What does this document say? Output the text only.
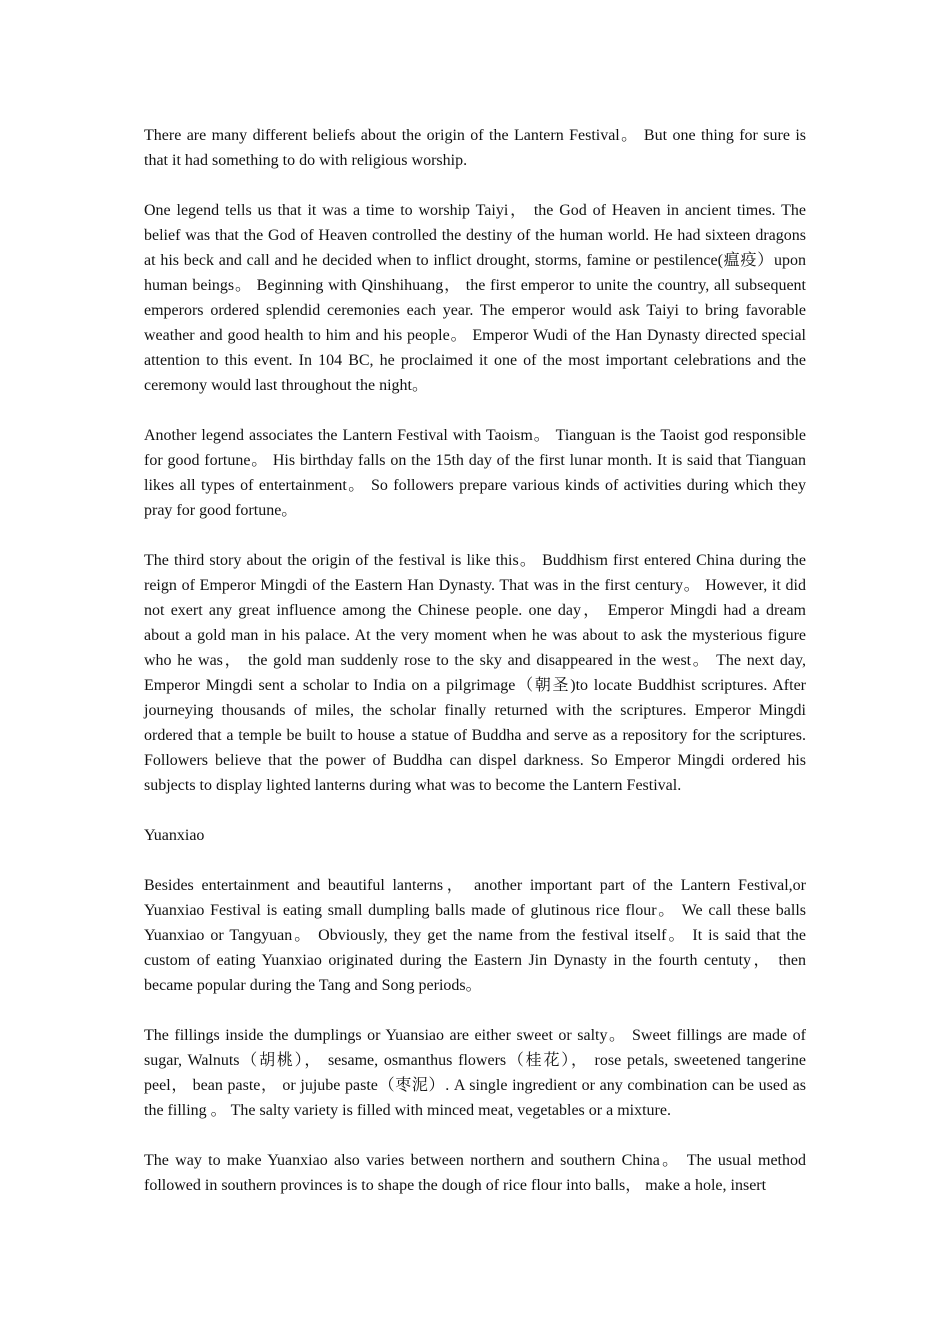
There are many different beliefs about the origin of the Lantern Festival。 But one thing for sure is that it had something to do with religious worship.

One legend tells us that it was a time to worship Taiyi， the God of Heaven in ancient times. The belief was that the God of Heaven controlled the destiny of the human world. He had sixteen dragons at his beck and call and he decided when to inflict drought, storms, famine or pestilence(瘟疫）upon human beings。 Beginning with Qinshihuang， the first emperor to unite the country, all subsequent emperors ordered splendid ceremonies each year. The emperor would ask Taiyi to bring favorable weather and good health to him and his people。 Emperor Wudi of the Han Dynasty directed special attention to this event. In 104 BC, he proclaimed it one of the most important celebrations and the ceremony would last throughout the night。

Another legend associates the Lantern Festival with Taoism。 Tianguan is the Taoist god responsible for good fortune。 His birthday falls on the 15th day of the first lunar month. It is said that Tianguan likes all types of entertainment。 So followers prepare various kinds of activities during which they pray for good fortune。

The third story about the origin of the festival is like this。 Buddhism first entered China during the reign of Emperor Mingdi of the Eastern Han Dynasty. That was in the first century。 However, it did not exert any great influence among the Chinese people. one day， Emperor Mingdi had a dream about a gold man in his palace. At the very moment when he was about to ask the mysterious figure who he was， the gold man suddenly rose to the sky and disappeared in the west。 The next day, Emperor Mingdi sent a scholar to India on a pilgrimage（朝圣)to locate Buddhist scriptures. After journeying thousands of miles, the scholar finally returned with the scriptures. Emperor Mingdi ordered that a temple be built to house a statue of Buddha and serve as a repository for the scriptures. Followers believe that the power of Buddha can dispel darkness. So Emperor Mingdi ordered his subjects to display lighted lanterns during what was to become the Lantern Festival.

Yuanxiao

Besides entertainment and beautiful lanterns， another important part of the Lantern Festival,or Yuanxiao Festival is eating small dumpling balls made of glutinous rice flour。 We call these balls Yuanxiao or Tangyuan。 Obviously, they get the name from the festival itself。 It is said that the custom of eating Yuanxiao originated during the Eastern Jin Dynasty in the fourth centuty， then became popular during the Tang and Song periods。

The fillings inside the dumplings or Yuansiao are either sweet or salty。 Sweet fillings are made of sugar, Walnuts（胡桃）， sesame, osmanthus flowers（桂花）， rose petals, sweetened tangerine peel， bean paste， or jujube paste（枣泥）. A single ingredient or any combination can be used as the filling 。 The salty variety is filled with minced meat, vegetables or a mixture.

The way to make Yuanxiao also varies between northern and southern China。 The usual method followed in southern provinces is to shape the dough of rice flour into balls， make a hole, insert
